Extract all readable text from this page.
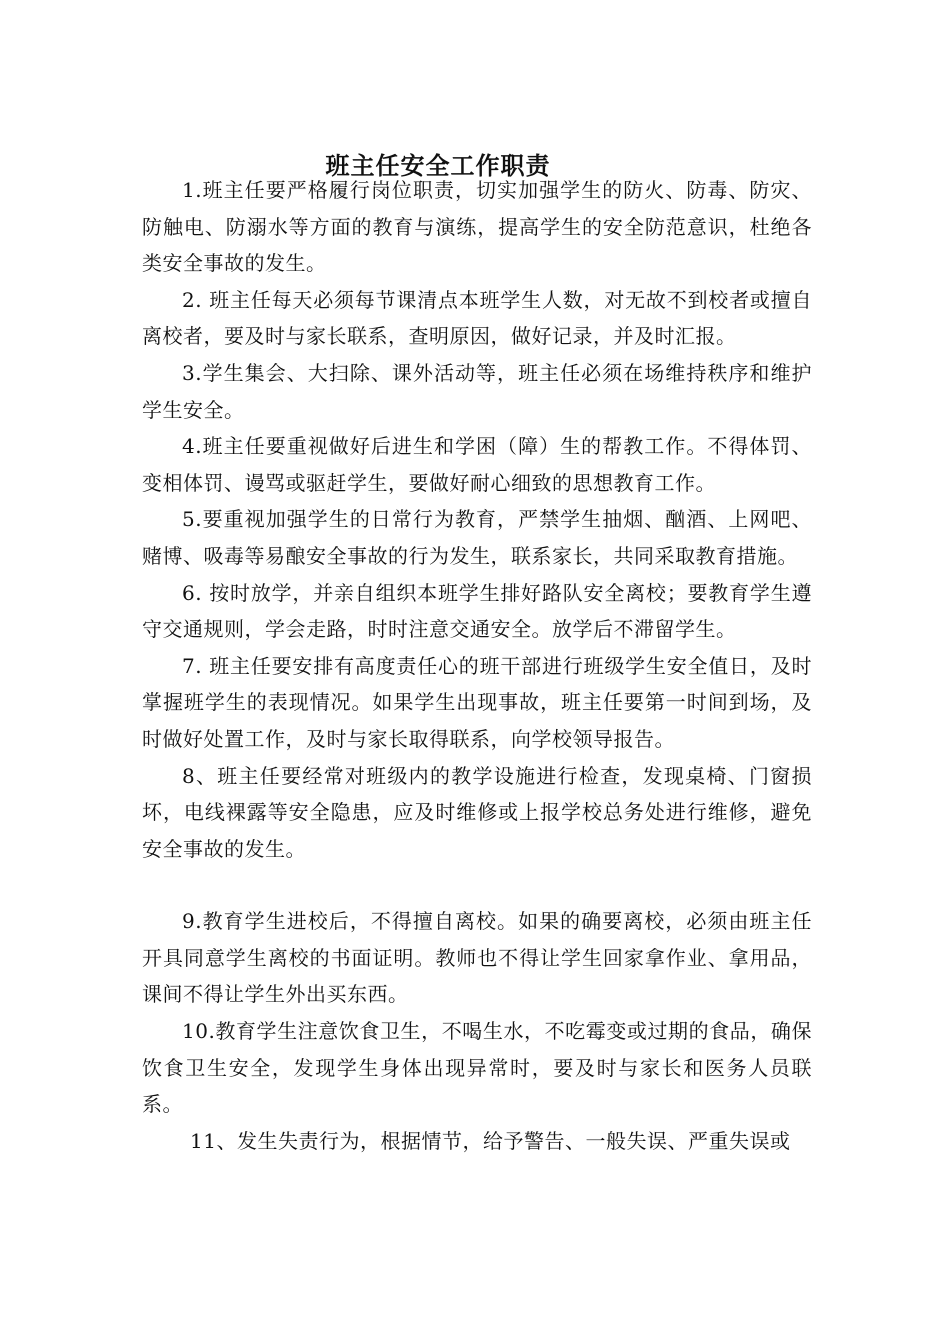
班主任安全工作职责

1.班主任要严格履行岗位职责，切实加强学生的防火、防毒、防灾、防触电、防溺水等方面的教育与演练，提高学生的安全防范意识，杜绝各类安全事故的发生。

2. 班主任每天必须每节课清点本班学生人数，对无故不到校者或擅自离校者，要及时与家长联系，查明原因，做好记录，并及时汇报。

3.学生集会、大扫除、课外活动等，班主任必须在场维持秩序和维护学生安全。

4.班主任要重视做好后进生和学困（障）生的帮教工作。不得体罚、变相体罚、谩骂或驱赶学生，要做好耐心细致的思想教育工作。

5.要重视加强学生的日常行为教育，严禁学生抽烟、酗酒、上网吧、赌博、吸毒等易酿安全事故的行为发生，联系家长，共同采取教育措施。

6. 按时放学，并亲自组织本班学生排好路队安全离校；要教育学生遵守交通规则，学会走路，时时注意交通安全。放学后不滞留学生。

7. 班主任要安排有高度责任心的班干部进行班级学生安全值日，及时掌握班学生的表现情况。如果学生出现事故，班主任要第一时间到场，及时做好处置工作，及时与家长取得联系，向学校领导报告。

8、班主任要经常对班级内的教学设施进行检查，发现桌椅、门窗损坏，电线裸露等安全隐患，应及时维修或上报学校总务处进行维修，避免安全事故的发生。

9.教育学生进校后，不得擅自离校。如果的确要离校，必须由班主任开具同意学生离校的书面证明。教师也不得让学生回家拿作业、拿用品，课间不得让学生外出买东西。

10.教育学生注意饮食卫生，不喝生水，不吃霉变或过期的食品，确保饮食卫生安全，发现学生身体出现异常时，要及时与家长和医务人员联系。

11、发生失责行为，根据情节，给予警告、一般失误、严重失误或
